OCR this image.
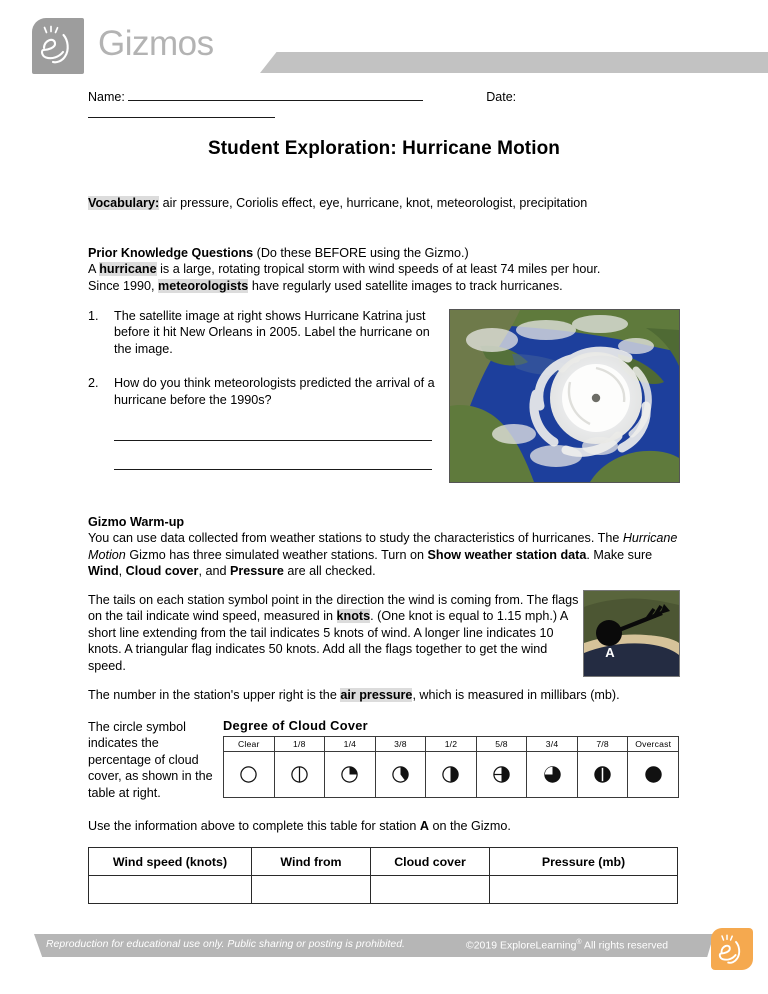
Gizmos
Name:	Date:
Student Exploration: Hurricane Motion
Vocabulary: air pressure, Coriolis effect, eye, hurricane, knot, meteorologist, precipitation
Prior Knowledge Questions (Do these BEFORE using the Gizmo.)
A hurricane is a large, rotating tropical storm with wind speeds of at least 74 miles per hour.
Since 1990, meteorologists have regularly used satellite images to track hurricanes.
1. The satellite image at right shows Hurricane Katrina just before it hit New Orleans in 2005. Label the hurricane on the image.
2. How do you think meteorologists predicted the arrival of a hurricane before the 1990s?
Gizmo Warm-up
You can use data collected from weather stations to study the characteristics of hurricanes. The Hurricane Motion Gizmo has three simulated weather stations. Turn on Show weather station data. Make sure Wind, Cloud cover, and Pressure are all checked.
The tails on each station symbol point in the direction the wind is coming from. The flags on the tail indicate wind speed, measured in knots. (One knot is equal to 1.15 mph.) A short line extending from the tail indicates 5 knots of wind. A longer line indicates 10 knots. A triangular flag indicates 50 knots. Add all the flags together to get the wind speed.
A
The number in the station's upper right is the air pressure, which is measured in millibars (mb).
The circle symbol indicates the percentage of cloud cover, as shown in the table at right.
Degree of Cloud Cover
Clear	1/8	1/4	3/8	1/2	5/8	3/4	7/8	Overcast

Use the information above to complete this table for station A on the Gizmo.
Wind speed (knots)	Wind from	Cloud cover	Pressure (mb)

Reproduction for educational use only. Public sharing or posting is prohibited.	©2019 ExploreLearning® All rights reserved
